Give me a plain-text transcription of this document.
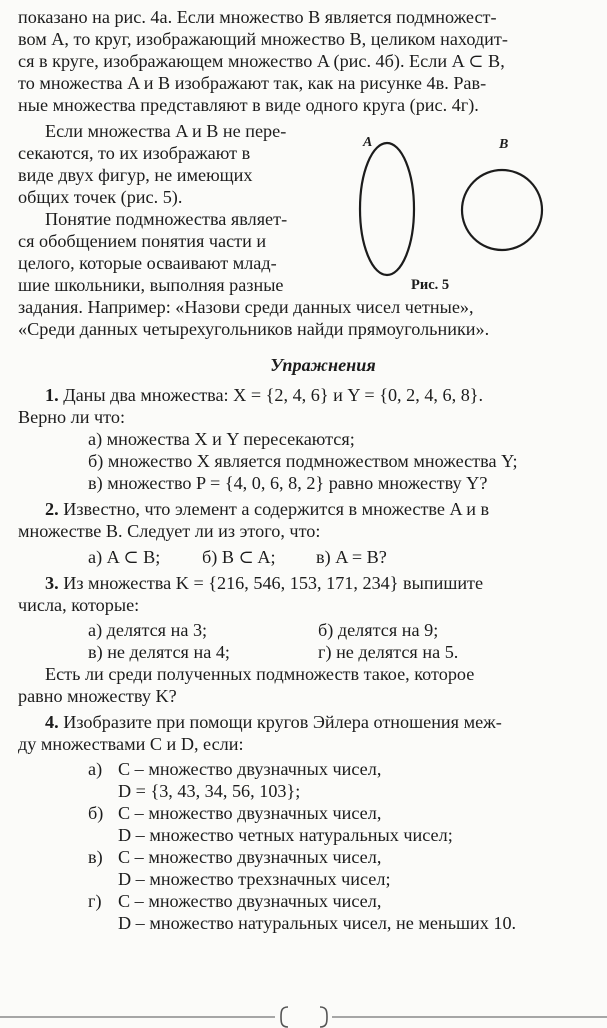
показано на рис. 4а. Если множество B является подмножест-
вом A, то круг, изображающий множество B, целиком находит-
ся в круге, изображающем множество A (рис. 4б). Если A ⊂ B,
то множества A и B изображают так, как на рисунке 4в. Рав-
ные множества представляют в виде одного круга (рис. 4г).
Если множества A и B не пере-
секаются, то их изображают в
виде двух фигур, не имеющих
общих точек (рис. 5).
Понятие подмножества являет-
ся обобщением понятия части и
целого, которые осваивают млад-
шие школьники, выполняя разные
задания. Например: «Назови среди данных чисел четные»,
«Среди данных четырехугольников найди прямоугольники».
Упражнения
1. Даны два множества: X = {2, 4, 6} и Y = {0, 2, 4, 6, 8}.
Верно ли что:
а) множества X и Y пересекаются;
б) множество X является подмножеством множества Y;
в) множество P = {4, 0, 6, 8, 2} равно множеству Y?
2. Известно, что элемент a содержится в множестве A и в
множестве B. Следует ли из этого, что:
а) A ⊂ B;	б) B ⊂ A;	в) A = B?
3. Из множества K = {216, 546, 153, 171, 234} выпишите
числа, которые:
а) делятся на 3;	б) делятся на 9;
в) не делятся на 4;	г) не делятся на 5.
Есть ли среди полученных подмножеств такое, которое
равно множеству K?
4. Изобразите при помощи кругов Эйлера отношения меж-
ду множествами C и D, если:
а) C – множество двузначных чисел,
D = {3, 43, 34, 56, 103};
б) C – множество двузначных чисел,
D – множество четных натуральных чисел;
в) C – множество двузначных чисел,
D – множество трехзначных чисел;
г) C – множество двузначных чисел,
D – множество натуральных чисел, не меньших 10.
A	B
Рис. 5
